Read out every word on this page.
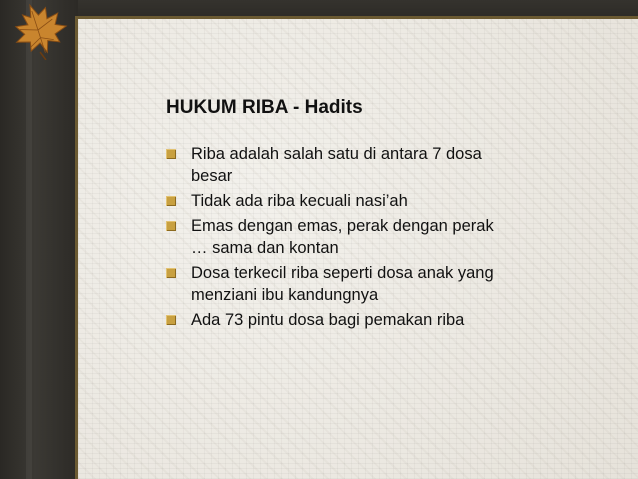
HUKUM RIBA - Hadits
Riba adalah salah satu di antara 7 dosa besar
Tidak ada riba kecuali nasi’ah
Emas dengan emas, perak dengan perak … sama dan kontan
Dosa terkecil riba seperti dosa anak yang menziani ibu kandungnya
Ada 73 pintu dosa bagi pemakan riba
